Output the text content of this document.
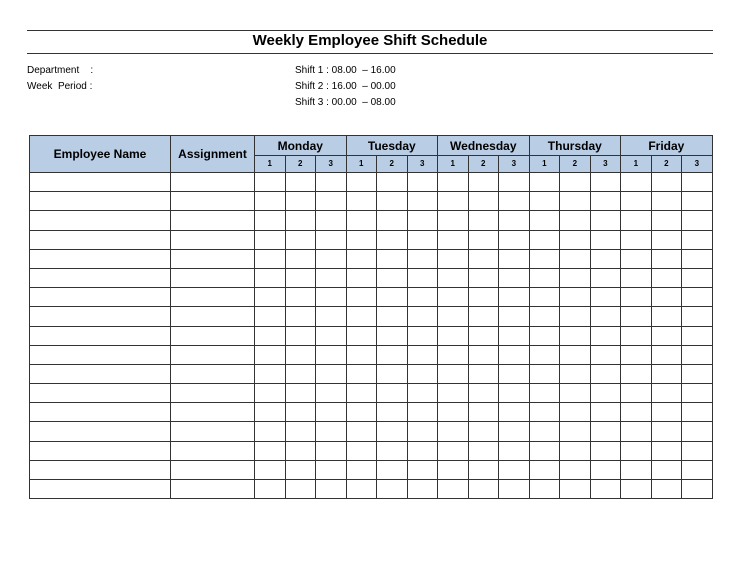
Weekly Employee Shift Schedule
Department    :
Week  Period :
Shift 1 : 08.00  – 16.00
Shift 2 : 16.00  – 00.00
Shift 3 : 00.00  – 08.00
Employee Name	Assignment	Monday			Tuesday			Wednesday			Thursday			Friday		
		1	2	3	1	2	3	1	2	3	1	2	3	1	2	3
